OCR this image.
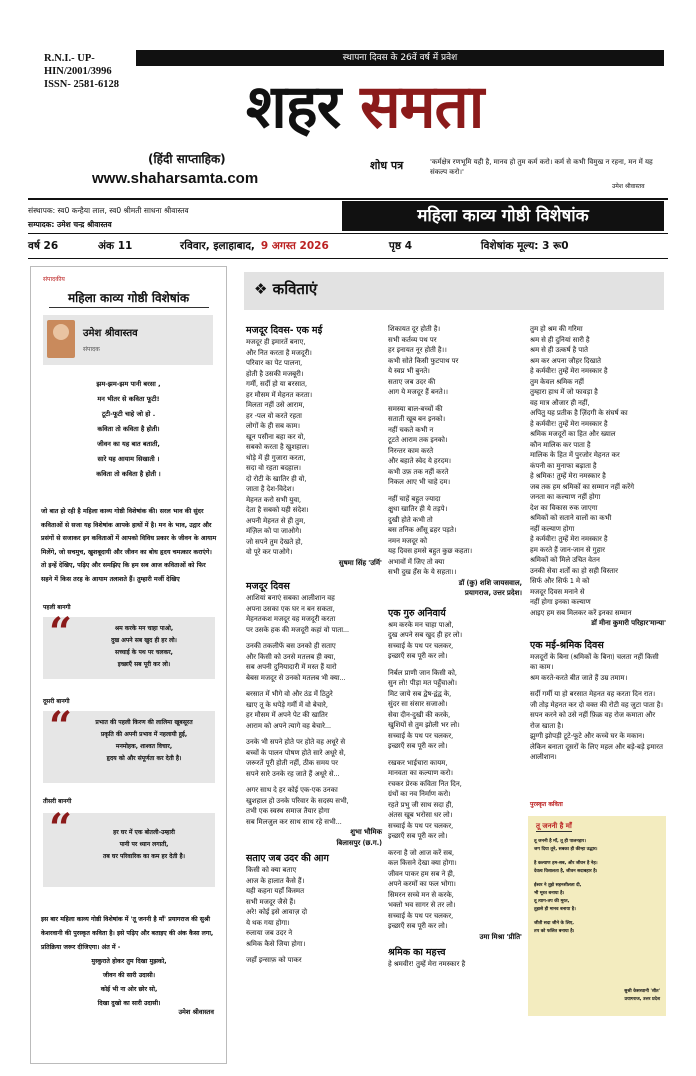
R.N.I.- UP-
HIN/2001/3996
ISSN- 2581-6128
स्थापना दिवस के 26वें वर्ष में प्रवेश
शहर समता
(हिंदी साप्ताहिक)
www.shaharsamta.com
शोध पत्र	'कर्मक्षेत्र रणभूमि यही है, मानव हो तुम कर्म करो। कर्म से कभी विमुख न रहना, मन में यह संकल्प करो।'
उमेश श्रीवास्तव
संस्थापक: स्व0 कन्हैया लाल, स्व0 श्रीमती साधना श्रीवास्तव
सम्पादक: उमेश चन्द्र श्रीवास्तव	महिला काव्य गोष्ठी विशेषांक
वर्ष 26	अंक 11	रविवार, इलाहाबाद, 9 अगस्त 2026	पृष्ठ 4	विशेषांक मूल्य: 3 रू0
संपादकीय
महिला काव्य गोष्ठी विशेषांक
उमेश श्रीवास्तव
संपादक
झम-झम-झम पानी बरसा ,
मन भीतर से कविता फूटी!
टूटी-फूटी चाहे जो हो .
कविता तो कविता है होती।
जीवन का यह बात बताती,
सारे यह आयाम सिखाती ।
कविता तो कविता है होती ।
जो बात हो रही है महिला काव्य गोष्ठी विशेषांक की। सरल भाव की सुंदर कविताओं से सजा यह विशेषांक आपके हाथों में है। मन के भाव, उद्गार और प्रसंगों से सजाकर इन कविताओं में आपको विविध प्रकार के जीवन के आयाम मिलेंगे, जो सचमुच, खुशबूदायी और जीवन का बोध हृदय चमत्कार कराएंगे। तो इन्हें देखिए, पढ़िए और समझिए कि हम सब आज कविताओं को फिर सहने में किस तरह के आयाम तलाशते हैं। तुम्हारी मर्जी देखिए
पहली बानगी
“	श्रम करके मन चाहा पाओ,
दुख अपने सब खुद ही हर लो।
सच्चाई के पथ पर चलकर,
इच्छाएँ सब पूरी कर लो।
दूसरी बानगी
“	प्रभात की पहली किरण की लालिमा खूबसूरत
प्रकृति की अपनी प्रभाव में नहलायी हुई,
मनमोहक, शाश्वत विचार,
हृदय को और संपूर्णता कर देती है।
तीसरी बानगी
“	हर घर में एक बोतली-उम्हारी
पानी पर ध्यान लगाती,
तब घर परिवारिक का कम हर देती है।
इस बार महिला काव्य गोष्ठी विशेषांक में 'तू जननी है माँ' प्रयागराज की सुश्री केशरवानी की पुरस्कृत कविता है। इसे पढ़िए और बताइए की अंक कैसा लगा, प्रतिक्रिया जरूर दीजिएगा। अंत में -
मुस्कुराते होकर तुम दिखा मुझको,
जीवन की सारी उदासी।
कोई भी ना ओर छोर सो,
दिखा दुखो का सारी उदासी।
उमेश श्रीवास्तव
❖ कविताएं
मजदूर दिवस- एक मई
मजदूर ही इमारतें बनाए,
और नित करता है मजदूरी।
परिवार का पेट पालना,
होती है उसकी मजबूरी।
गर्मी, सर्दी हो या बरसात,
हर मौसम में मेहनत करता।
मिलता नहीं उसे आराम,
हर -पल वो करते रहता
लोगों के ही सब काम।
खून पसीना बहा कर वो,
सबको करता है खुशहाल।
थोड़े में ही गुजारा करता,
सदा वो रहता बदहाल।
दो रोटी के खातिर ही वो,
जाता है देश-विदेश।
मेहनत करो सभी युवा,
देता है सबको यही संदेश।
अपनी मेहनत से ही तुम,
मंज़िल को पा जाओगे।
जो सपने तुम देखते हो,
वो पूरे कर पाओगे।
सुषमा सिंह 'उर्मि'
मजदूर दिवस
आशियां बनाएं सबका आलीशान वह
अपना उसका एक घर न बन सकता,
मेहनतकश मजदूर वह मजदूरी करता
पर उसके हक की मजदूरी कहां वो पाता...
उनकी तकलीफें बस उनको ही सताए
और किसी को उनसे मतलब ही क्या,
सब अपनी दुनियादारी में मस्त हैं यारो
बेबस मजदूर से उनको मतलब भी क्या...
बरसात में भीगे वो और ठंड में ठिठुरे
खाए तू के थपेड़े गर्मी में वो बेचारे,
हर मौसम में अपने पेट की खातिर
आराम को अपने त्यागे वह बेचारे...
उनके भी सपने होते पर होते वह अधूरे से
बच्चों के पालन पोषण होते सारे अधूरे से,
जरूरतें पूरी होती नहीं, ठीक समय पर
सपने सारे उनके रह जाते हैं अधूरे से...
अगर साथ दे हर कोई एक-एक उनका
खुशहाल हो उनके परिवार के सदस्य सभी,
तभी एक स्वस्थ समाज तैयार होगा
सब मिलजुल कर साथ साथ रहे सभी...
शुभा भौमिक
बिलासपुर (छ.ग.)
सताए जब उदर की आग
किसी को क्या बताए
आज के हालात कैसे हैं।
यही कहना यहाँ किस्मत
सभी मजदूर जैसे हैं।
अरे! कोई इसे आवाज़ दो
ये थक गया होगा।
रुलाया जब उदर ने
श्रमिक कैसे जिया होगा।
जहाँ इन्साफ़ को पाकर
शिकायत दूर होती है।
सभी कर्तव्य पथ पर
हर इनायत नूर होती है।।
कभी सोते किसी फुटपाथ पर
ये स्वप्न भी बुनते।
सताए जब उदर की
आग ये मजदूर हैं बनते।।
समस्या बाल-बच्चों की
सताती खूब बन इनको।
नहीं चकते कभी न
टूटते आराम तक इनको।
निरन्तर काम करते
और बहाते स्वेद ये हरदम।
कभी उफ़ तक नहीं करते
निकल आए भी चाहे दम।
नहीं चाहें बहुत ज्यादा
क्षुधा खातिर ही ये तड़पे।
दुखी होते कभी तो
बस तनिक आँसू ढहर पड़ते।
नमन मजदूर को
यह दिवस हमसे बहुत कुछ कहता।
अभावों में जिए तो क्या
सभी दुख हँस के ये सहता।।
डॉ (कु) शशि जायसवाल,
प्रयागराज, उत्तर प्रदेश।
एक गुरु अनिवार्य
श्रम करके मन चाहा पाओ,
दुख अपने सब खुद ही हर लो।
सच्चाई के पथ पर चलकर,
इच्छाएँ सब पूरी कर लो।
निर्बल प्राणी जान किसी को,
सुन लो! पीड़ा मत पहुँचाओ।
मिट जाये सब द्वेष-द्वंद्व के,
सुंदर सा संसार सजाओ।
सेवा दीन-दुखी की करके,
खुशियों से तुम झोली भर लो।
सच्चाई के पथ पर चलकर,
इच्छाएँ सब पूरी कर लो।
रखकर भाईचारा कायम,
मानवता का कल्याण करो।
रचकर प्रेरक कविता नित दिन,
ग्रंथों का नव निर्माण करो।
रहते प्रभु जी साथ सदा ही,
अंतस खूब भरोसा धर लो।
सच्चाई के पथ पर चलकर,
इच्छाएँ सब पूरी कर लो।
करना है जो आज करें सब,
कल किसने देखा क्या होगा।
जीवन पाकर हम सब ने ही,
अपने करमों का फल भोगा।
सिमरन सच्चे मन से करके,
भक्तो भव सागर से तर लो।
सच्चाई के पथ पर चलकर,
इच्छाएँ सब पूरी कर लो।
उमा मिश्रा 'प्रीति'
श्रमिक का महत्त्व
हे श्रमवीर! तुम्हें मेरा नमस्कार है
तुम हो श्रम की गरिमा
श्रम से ही दुनियां सारी है
श्रम से ही उत्कर्ष है पाते
श्रम कर अपना जौहर दिखाते
हे कर्मवीर! तुम्हें मेरा नमस्कार है
तुम केवल श्रमिक नहीं
तुम्हारा हाथ में जो फावड़ा है
वह मात्र औजार ही नहीं,
अपितु यह प्रतीक है ज़िंदगी के संघर्ष का
हे कर्मवीर! तुम्हें मेरा नमस्कार है
श्रमिक मजदूरों का हित और ख्याल
कौन मालिक कर पाता है
मालिक के हित में पुरजोर मेहनत कर
कंपनी का मुनाफा बढ़ाता है
हे श्रमिक! तुम्हें मेरा नमस्कार है
जब तक हम श्रमिकों का सम्मान नहीं करेंगे
जनता का कल्याण नहीं होगा
देश का विकास रुक जाएगा
श्रमिकों को सताने वालों का कभी
नहीं कल्याण होगा
हे कर्मवीर! तुम्हें मेरा नमस्कार है
हम करते हैं जान-जान से गुहार
श्रमिकों को मिले उचित वेतन
उनकी सेवा शर्तों का हो सही विस्तार
सिर्फ और सिर्फ 1 मे को
मजदूर दिवस मनाने से
नहीं होगा इनका कल्याण
आइए हम सब मिलकर करें इनका सम्मान
डॉ मीना कुमारी परिहार'मान्या'
एक मई-श्रमिक दिवस
मजदूरों के बिना (श्रमिकों के बिना) चलता नहीं किसी का काम।
श्रम करते-करते बीत जाते हैं उम्र तमाम।
सर्दी गर्मी या हो बरसात मेहनत वह करता दिन रात।
जी तोड़ मेहनत कर दो वक्त की रोटी वह जुटा पाता है।
सपन करने को उसे नहीं फ़िक्र वह रोज कमाता और रोज खाता है।
झुग्गी झोपड़ी टूटे-फूटे और कच्चे घर के मकान।
लेकिन बनाता दूसरों के लिए महल और बड़े-बड़े इमारत आलीशान।
पुरस्कृत कविता
तू जननी है माँ
तू जननी है माँ, तू ही पालनहार।
जग दिया तूने, सबका ही कीन्हा उद्धार।
है कल्याण हम-सब, और जीवन है नेह।
देवत्व विशालता है, जीवन सदाबहार है।
ईश्वर ने तुझे सहनशीलता दी,
भी मूरत बनाया है।
तू त्याग-तप की मूरत,
तुझसे ही मानव बनाया है।
जीती सदा जीने के लिए,
तप को फलित बनाया है।
सुश्री केसरवानी 'शीत'
प्रयागराज, उत्तर प्रदेश
